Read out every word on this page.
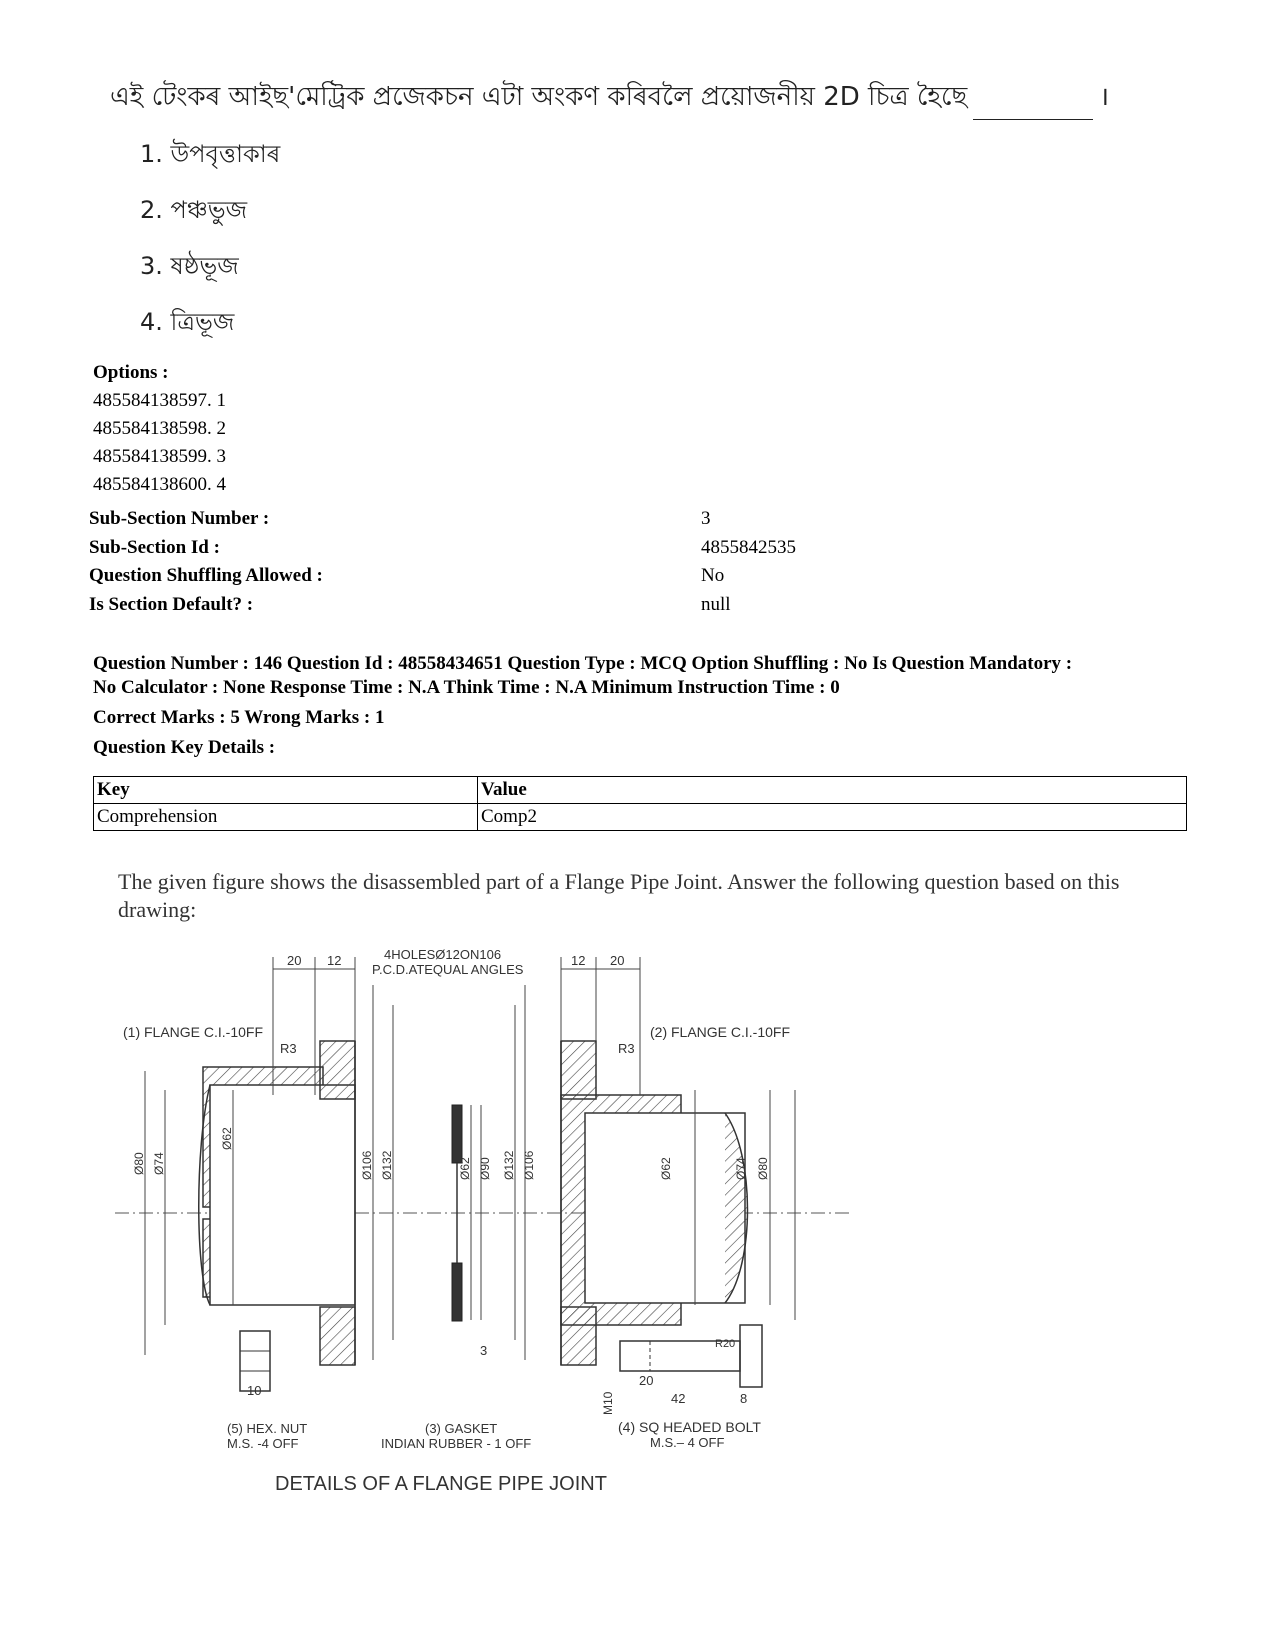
এই টেংকৰ আইছ'মেট্ৰিক প্ৰজেকচন এটা অংকণ কৰিবলৈ প্ৰয়োজনীয় 2D চিত্ৰ হৈছে	।
1. উপবৃত্তাকাৰ
2. পঞ্চভুজ
3. ষষ্ঠভূজ
4. ত্ৰিভূজ
Options :
485584138597. 1
485584138598. 2
485584138599. 3
485584138600. 4
Sub-Section Number :	3
Sub-Section Id :	4855842535
Question Shuffling Allowed :	No
Is Section Default? :	null
Question Number : 146 Question Id : 48558434651 Question Type : MCQ Option Shuffling : No Is Question Mandatory :
No Calculator : None Response Time : N.A Think Time : N.A Minimum Instruction Time : 0
Correct Marks : 5 Wrong Marks : 1
Question Key Details :
Key	Value
Comprehension	Comp2
The given figure shows the disassembled part of a Flange Pipe Joint. Answer the following question based on this drawing:
4HOLESØ12ON106
P.C.D.ATEQUAL ANGLES
20 12	12 20
(1) FLANGE C.I.-10FF	(2) FLANGE C.I.-10FF
R3	R3
Ø80 Ø74
Ø62
Ø106 Ø132	Ø62 Ø90 Ø132 Ø106	Ø62	Ø74 Ø80
3
10
20
42	8
R20
M10
(5) HEX. NUT
M.S. -4 OFF
(3) GASKET
INDIAN RUBBER - 1 OFF
(4) SQ HEADED BOLT
M.S.– 4 OFF
DETAILS OF A FLANGE PIPE JOINT
